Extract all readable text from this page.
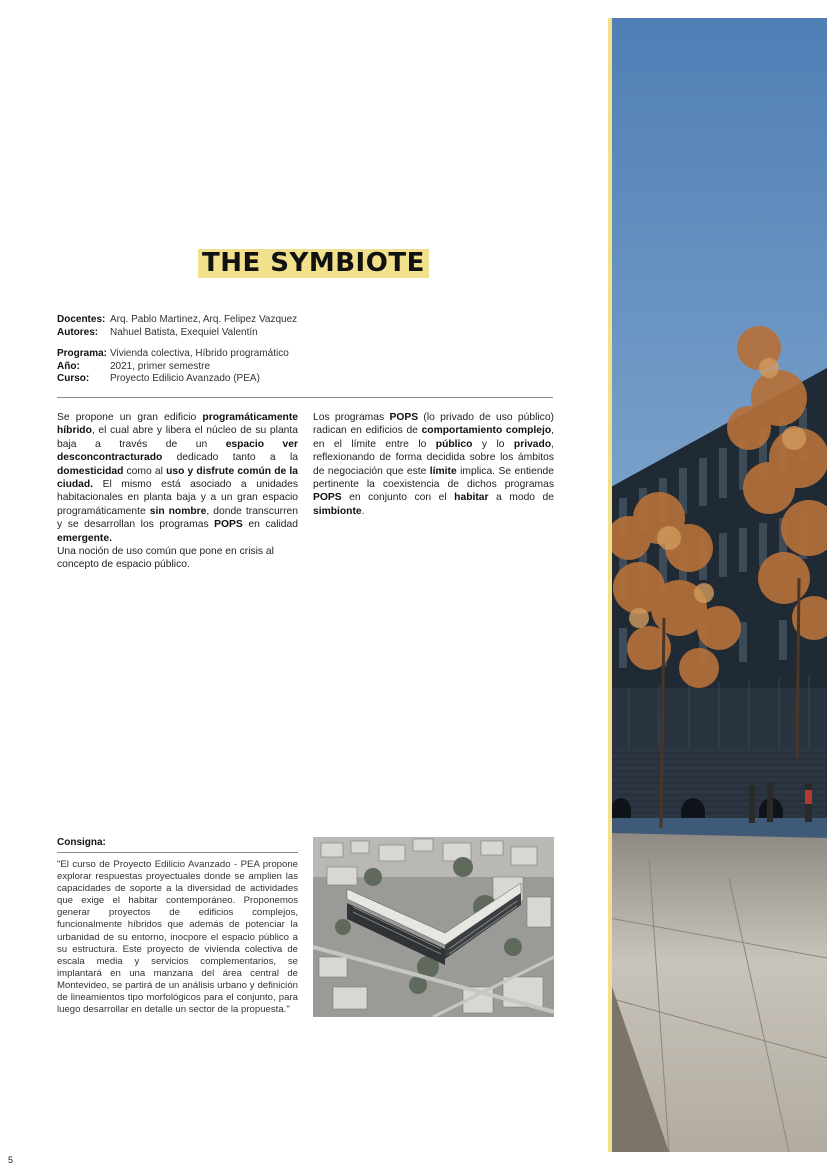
THE SYMBIOTE
Docentes: Arq. Pablo Martinez, Arq. Felipez Vazquez
Autores:	Nahuel Batista, Exequiel Valentín
Programa: Vivienda colectiva, Híbrido programático
Año:	2021, primer semestre
Curso:	Proyecto Edilicio Avanzado (PEA)

Se propone un gran edificio programáticamente híbrido, el cual abre y libera el núcleo de su planta baja a través de un espacio ver desconcontracturado dedicado tanto a la domesticidad como al uso y disfrute común de la ciudad. El mismo está asociado a unidades habitacionales en planta baja y a un gran espacio programáticamente sin nombre, donde transcurren y se desarrollan los programas POPS en calidad emergente.

Una noción de uso común que pone en crisis al concepto de espacio público.

Los programas POPS (lo privado de uso público) radican en edificios de comportamiento complejo, en el límite entre lo público y lo privado, reflexionando de forma decidida sobre los ámbitos de negociación que este límite implica. Se entiende pertinente la coexistencia de dichos programas POPS en conjunto con el habitar a modo de simbionte.

Consigna:
"El curso de Proyecto Edilicio Avanzado - PEA propone explorar respuestas proyectuales donde se amplien las capacidades de soporte a la diversidad de actividades que exige el habitar contemporáneo. Proponemos generar proyectos de edificios complejos, funcionalmente híbridos que además de potenciar la urbanidad de su entorno, inocpore el espacio público a su estructura. Este proyecto de vivienda colectiva de escala media y servicios complementarios, se implantará en una manzana del área central de Montevideo, se partirá de un análisis urbano y definición de lineamientos tipo morfológicos para el conjunto, para luego desarrollar en detalle un sector de la propuesta."
5
